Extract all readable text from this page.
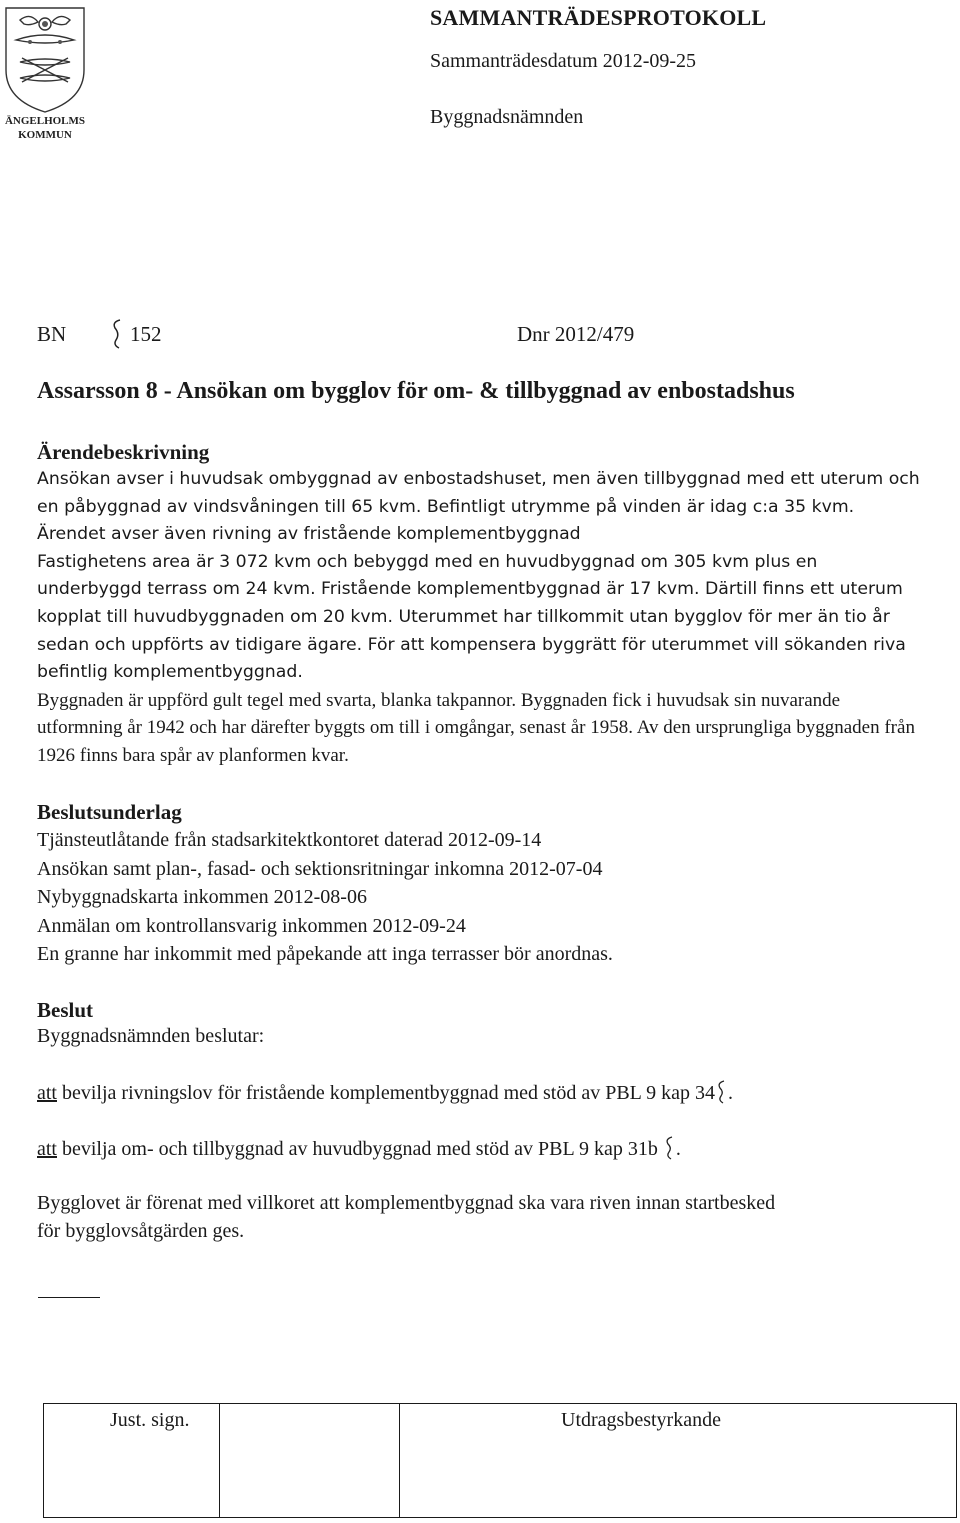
ÄNGELHOLMS
KOMMUN
SAMMANTRÄDESPROTOKOLL
Sammanträdesdatum 2012-09-25
Byggnadsnämnden
BN	152	Dnr 2012/479
Assarsson 8 - Ansökan om bygglov för om- & tillbyggnad av enbostadshus
Ärendebeskrivning

Ansökan avser i huvudsak ombyggnad av enbostadshuset, men även tillbyggnad med ett uterum och en påbyggnad av vindsvåningen till 65 kvm. Befintligt utrymme på vinden är idag c:a 35 kvm. Ärendet avser även rivning av fristående komplementbyggnad

Fastighetens area är 3 072 kvm och bebyggd med en huvudbyggnad om 305 kvm plus en underbyggd terrass om 24 kvm. Fristående komplementbyggnad är 17 kvm. Därtill finns ett uterum kopplat till huvudbyggnaden om 20 kvm. Uterummet har tillkommit utan bygglov för mer än tio år sedan och uppförts av tidigare ägare. För att kompensera byggrätt för uterummet vill sökanden riva befintlig komplementbyggnad.

Byggnaden är uppförd gult tegel med svarta, blanka takpannor. Byggnaden fick i huvudsak sin nuvarande utformning år 1942 och har därefter byggts om till i omgångar, senast år 1958. Av den ursprungliga byggnaden från 1926 finns bara spår av planformen kvar.

Beslutsunderlag
Tjänsteutlåtande från stadsarkitektkontoret daterad 2012-09-14
Ansökan samt plan-, fasad- och sektionsritningar inkomna 2012-07-04
Nybyggnadskarta inkommen 2012-08-06
Anmälan om kontrollansvarig inkommen 2012-09-24
En granne har inkommit med påpekande att inga terrasser bör anordnas.
Beslut
Byggnadsnämnden beslutar:
att bevilja rivningslov för fristående komplementbyggnad med stöd av PBL 9 kap 34 .
att bevilja om- och tillbyggnad av huvudbyggnad med stöd av PBL 9 kap 31b .
Bygglovet är förenat med villkoret att komplementbyggnad ska vara riven innan startbesked
för bygglovsåtgärden ges.
Just. sign.	Utdragsbestyrkande
